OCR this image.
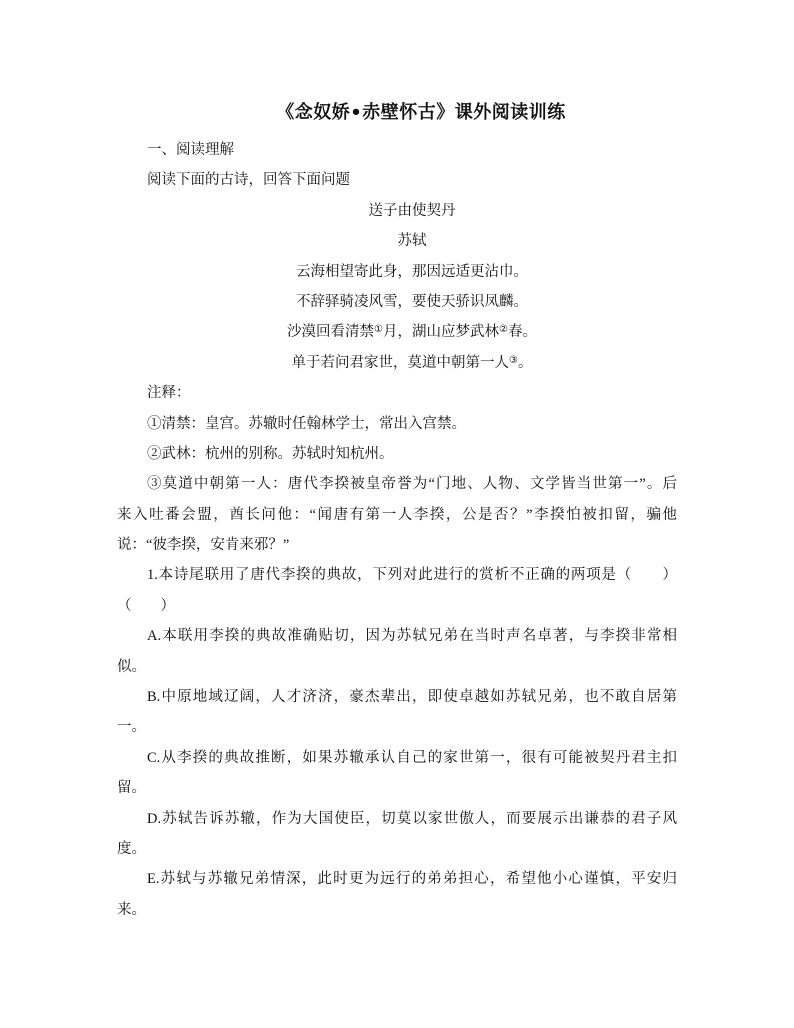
《念奴娇•赤壁怀古》课外阅读训练
一、阅读理解
阅读下面的古诗，回答下面问题
送子由使契丹
苏轼
云海相望寄此身，那因远适更沾巾。
不辞驿骑凌风雪，要使天骄识凤麟。
沙漠回看清禁①月，湖山应梦武林②春。
单于若问君家世，莫道中朝第一人③。
注释：
①清禁：皇宫。苏辙时任翰林学士，常出入宫禁。
②武林：杭州的别称。苏轼时知杭州。
③莫道中朝第一人：唐代李揆被皇帝誉为“门地、人物、文学皆当世第一”。后
来入吐番会盟，酋长问他：“闻唐有第一人李揆，公是否？”李揆怕被扣留，骗他
说：“彼李揆，安肯来邪？”
1.本诗尾联用了唐代李揆的典故，下列对此进行的赏析不正确的两项是（　　）
（　　）
A.本联用李揆的典故准确贴切，因为苏轼兄弟在当时声名卓著，与李揆非常相
似。
B.中原地域辽阔，人才济济，豪杰辈出，即使卓越如苏轼兄弟，也不敢自居第
一。
C.从李揆的典故推断，如果苏辙承认自己的家世第一，很有可能被契丹君主扣
留。
D.苏轼告诉苏辙，作为大国使臣，切莫以家世傲人，而要展示出谦恭的君子风
度。
E.苏轼与苏辙兄弟情深，此时更为远行的弟弟担心，希望他小心谨慎，平安归
来。
